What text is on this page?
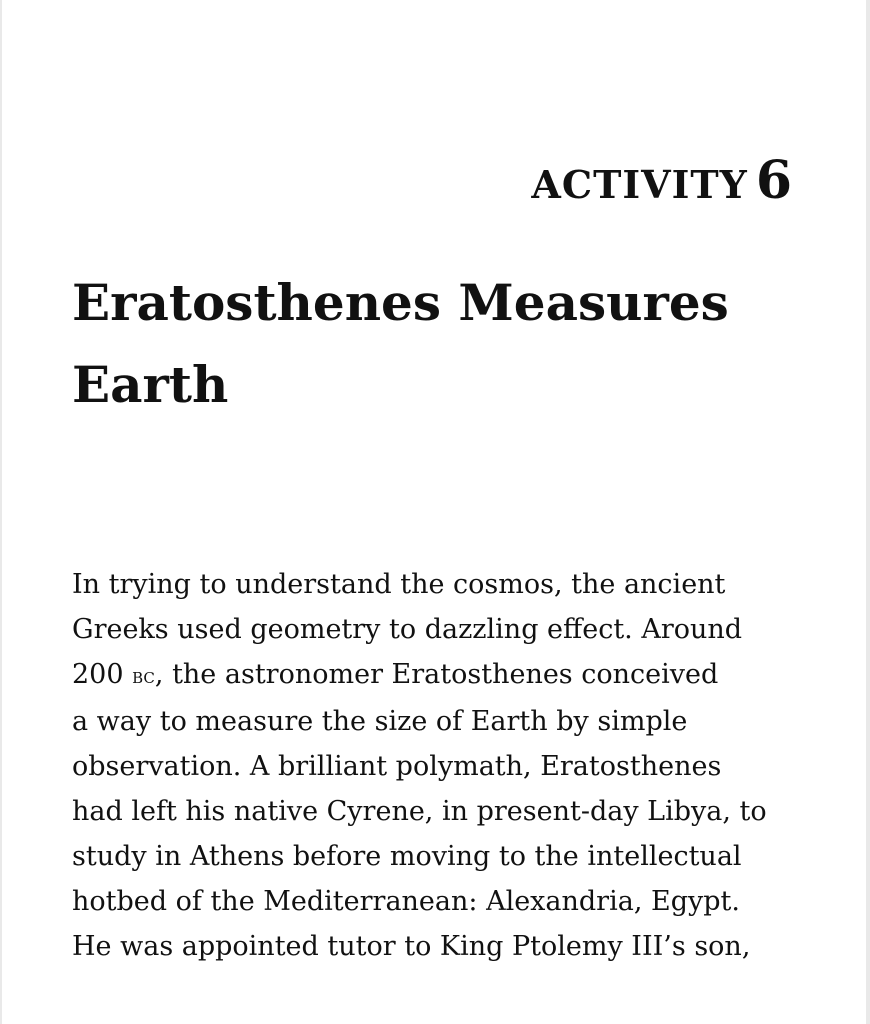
ACTIVITY 6
Eratosthenes Measures
Earth

In trying to understand the cosmos, the ancient
Greeks used geometry to dazzling effect. Around
200 bc, the astronomer Eratosthenes conceived
a way to measure the size of Earth by simple
observation. A brilliant polymath, Eratosthenes
had left his native Cyrene, in present-day Libya, to
study in Athens before moving to the intellectual
hotbed of the Mediterranean: Alexandria, Egypt.
He was appointed tutor to King Ptolemy III’s son,
